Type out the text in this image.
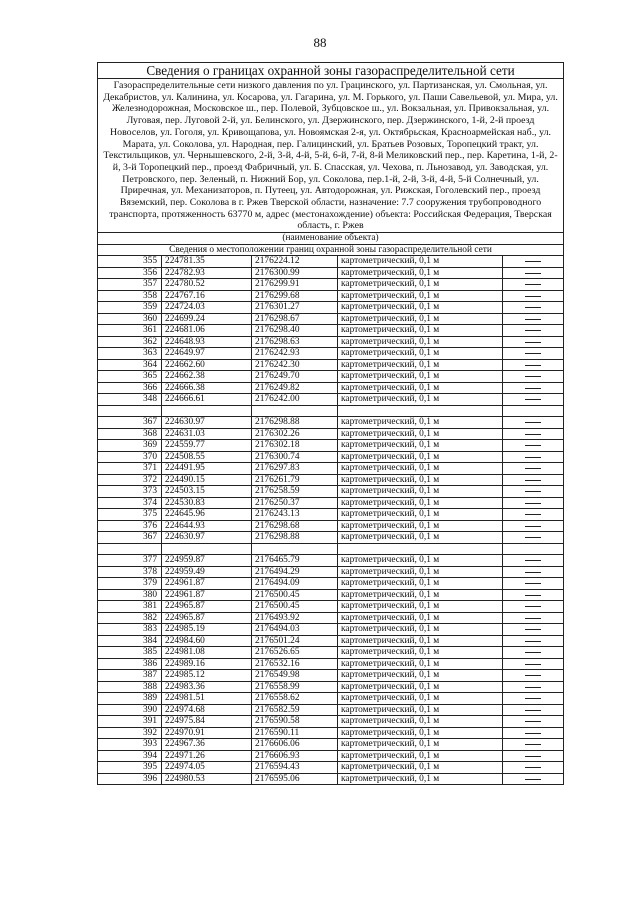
88
Сведения о границах охранной зоны газораспределительной сети				
Газораспределительные сети низкого давления по ул. Грацинского, ул. Партизанская, ул. Смольная, ул. Декабристов, ул. Калинина, ул. Косарова, ул. Гагарина, ул. М. Горького, ул. Паши Савельевой, ул. Мира, ул. Железнодорожная, Московское ш., пер. Полевой, Зубцовское ш., ул. Вокзальная, ул. Привокзальная, ул. Луговая, пер. Луговой 2-й, ул. Белинского, ул. Дзержинского, пер. Дзержинского, 1-й, 2-й проезд Новоселов, ул. Гоголя, ул. Кривощапова, ул. Новоямская 2-я, ул. Октябрьская, Красноармейская наб., ул. Марата, ул. Соколова, ул. Народная, пер. Галицинский, ул. Братьев Розовых, Торопецкий тракт, ул. Текстильщиков, ул. Чернышевского, 2-й, 3-й, 4-й, 5-й, 6-й, 7-й, 8-й Меликовский пер., пер. Каретина, 1-й, 2-й, 3-й Торопецкий пер., проезд Фабричный, ул. Б. Спасская, ул. Чехова, п. Льнозавод, ул. Заводская, ул. Петровского, пер. Зеленый, п. Нижний Бор, ул. Соколова, пер.1-й, 2-й, 3-й, 4-й, 5-й Солнечный, ул. Приречная, ул. Механизаторов, п. Путеец, ул. Автодорожная, ул. Рижская, Гоголевский пер., проезд Вяземский, пер. Соколова в г. Ржев Тверской области, назначение: 7.7 сооружения трубопроводного транспорта, протяженность 63770 м, адрес (местонахождение) объекта: Российская Федерация, Тверская область, г. Ржев				
(наименование объекта)				
Сведения о местоположении границ охранной зоны газораспределительной сети				
355	224781.35	2176224.12	картометрический, 0,1 м	
356	224782.93	2176300.99	картометрический, 0,1 м	
357	224780.52	2176299.91	картометрический, 0,1 м	
358	224767.16	2176299.68	картометрический, 0,1 м	
359	224724.03	2176301.27	картометрический, 0,1 м	
360	224699.24	2176298.67	картометрический, 0,1 м	
361	224681.06	2176298.40	картометрический, 0,1 м	
362	224648.93	2176298.63	картометрический, 0,1 м	
363	224649.97	2176242.93	картометрический, 0,1 м	
364	224662.60	2176242.30	картометрический, 0,1 м	
365	224662.38	2176249.70	картометрический, 0,1 м	
366	224666.38	2176249.82	картометрический, 0,1 м	
348	224666.61	2176242.00	картометрический, 0,1 м	

367	224630.97	2176298.88	картометрический, 0,1 м	
368	224631.03	2176302.26	картометрический, 0,1 м	
369	224559.77	2176302.18	картометрический, 0,1 м	
370	224508.55	2176300.74	картометрический, 0,1 м	
371	224491.95	2176297.83	картометрический, 0,1 м	
372	224490.15	2176261.79	картометрический, 0,1 м	
373	224503.15	2176258.59	картометрический, 0,1 м	
374	224530.83	2176250.37	картометрический, 0,1 м	
375	224645.96	2176243.13	картометрический, 0,1 м	
376	224644.93	2176298.68	картометрический, 0,1 м	
367	224630.97	2176298.88	картометрический, 0,1 м	

377	224959.87	2176465.79	картометрический, 0,1 м	
378	224959.49	2176494.29	картометрический, 0,1 м	
379	224961.87	2176494.09	картометрический, 0,1 м	
380	224961.87	2176500.45	картометрический, 0,1 м	
381	224965.87	2176500.45	картометрический, 0,1 м	
382	224965.87	2176493.92	картометрический, 0,1 м	
383	224985.19	2176494.03	картометрический, 0,1 м	
384	224984.60	2176501.24	картометрический, 0,1 м	
385	224981.08	2176526.65	картометрический, 0,1 м	
386	224989.16	2176532.16	картометрический, 0,1 м	
387	224985.12	2176549.98	картометрический, 0,1 м	
388	224983.36	2176558.99	картометрический, 0,1 м	
389	224981.51	2176558.62	картометрический, 0,1 м	
390	224974.68	2176582.59	картометрический, 0,1 м	
391	224975.84	2176590.58	картометрический, 0,1 м	
392	224970.91	2176590.11	картометрический, 0,1 м	
393	224967.36	2176606.06	картометрический, 0,1 м	
394	224971.26	2176606.93	картометрический, 0,1 м	
395	224974.05	2176594.43	картометрический, 0,1 м	
396	224980.53	2176595.06	картометрический, 0,1 м	
